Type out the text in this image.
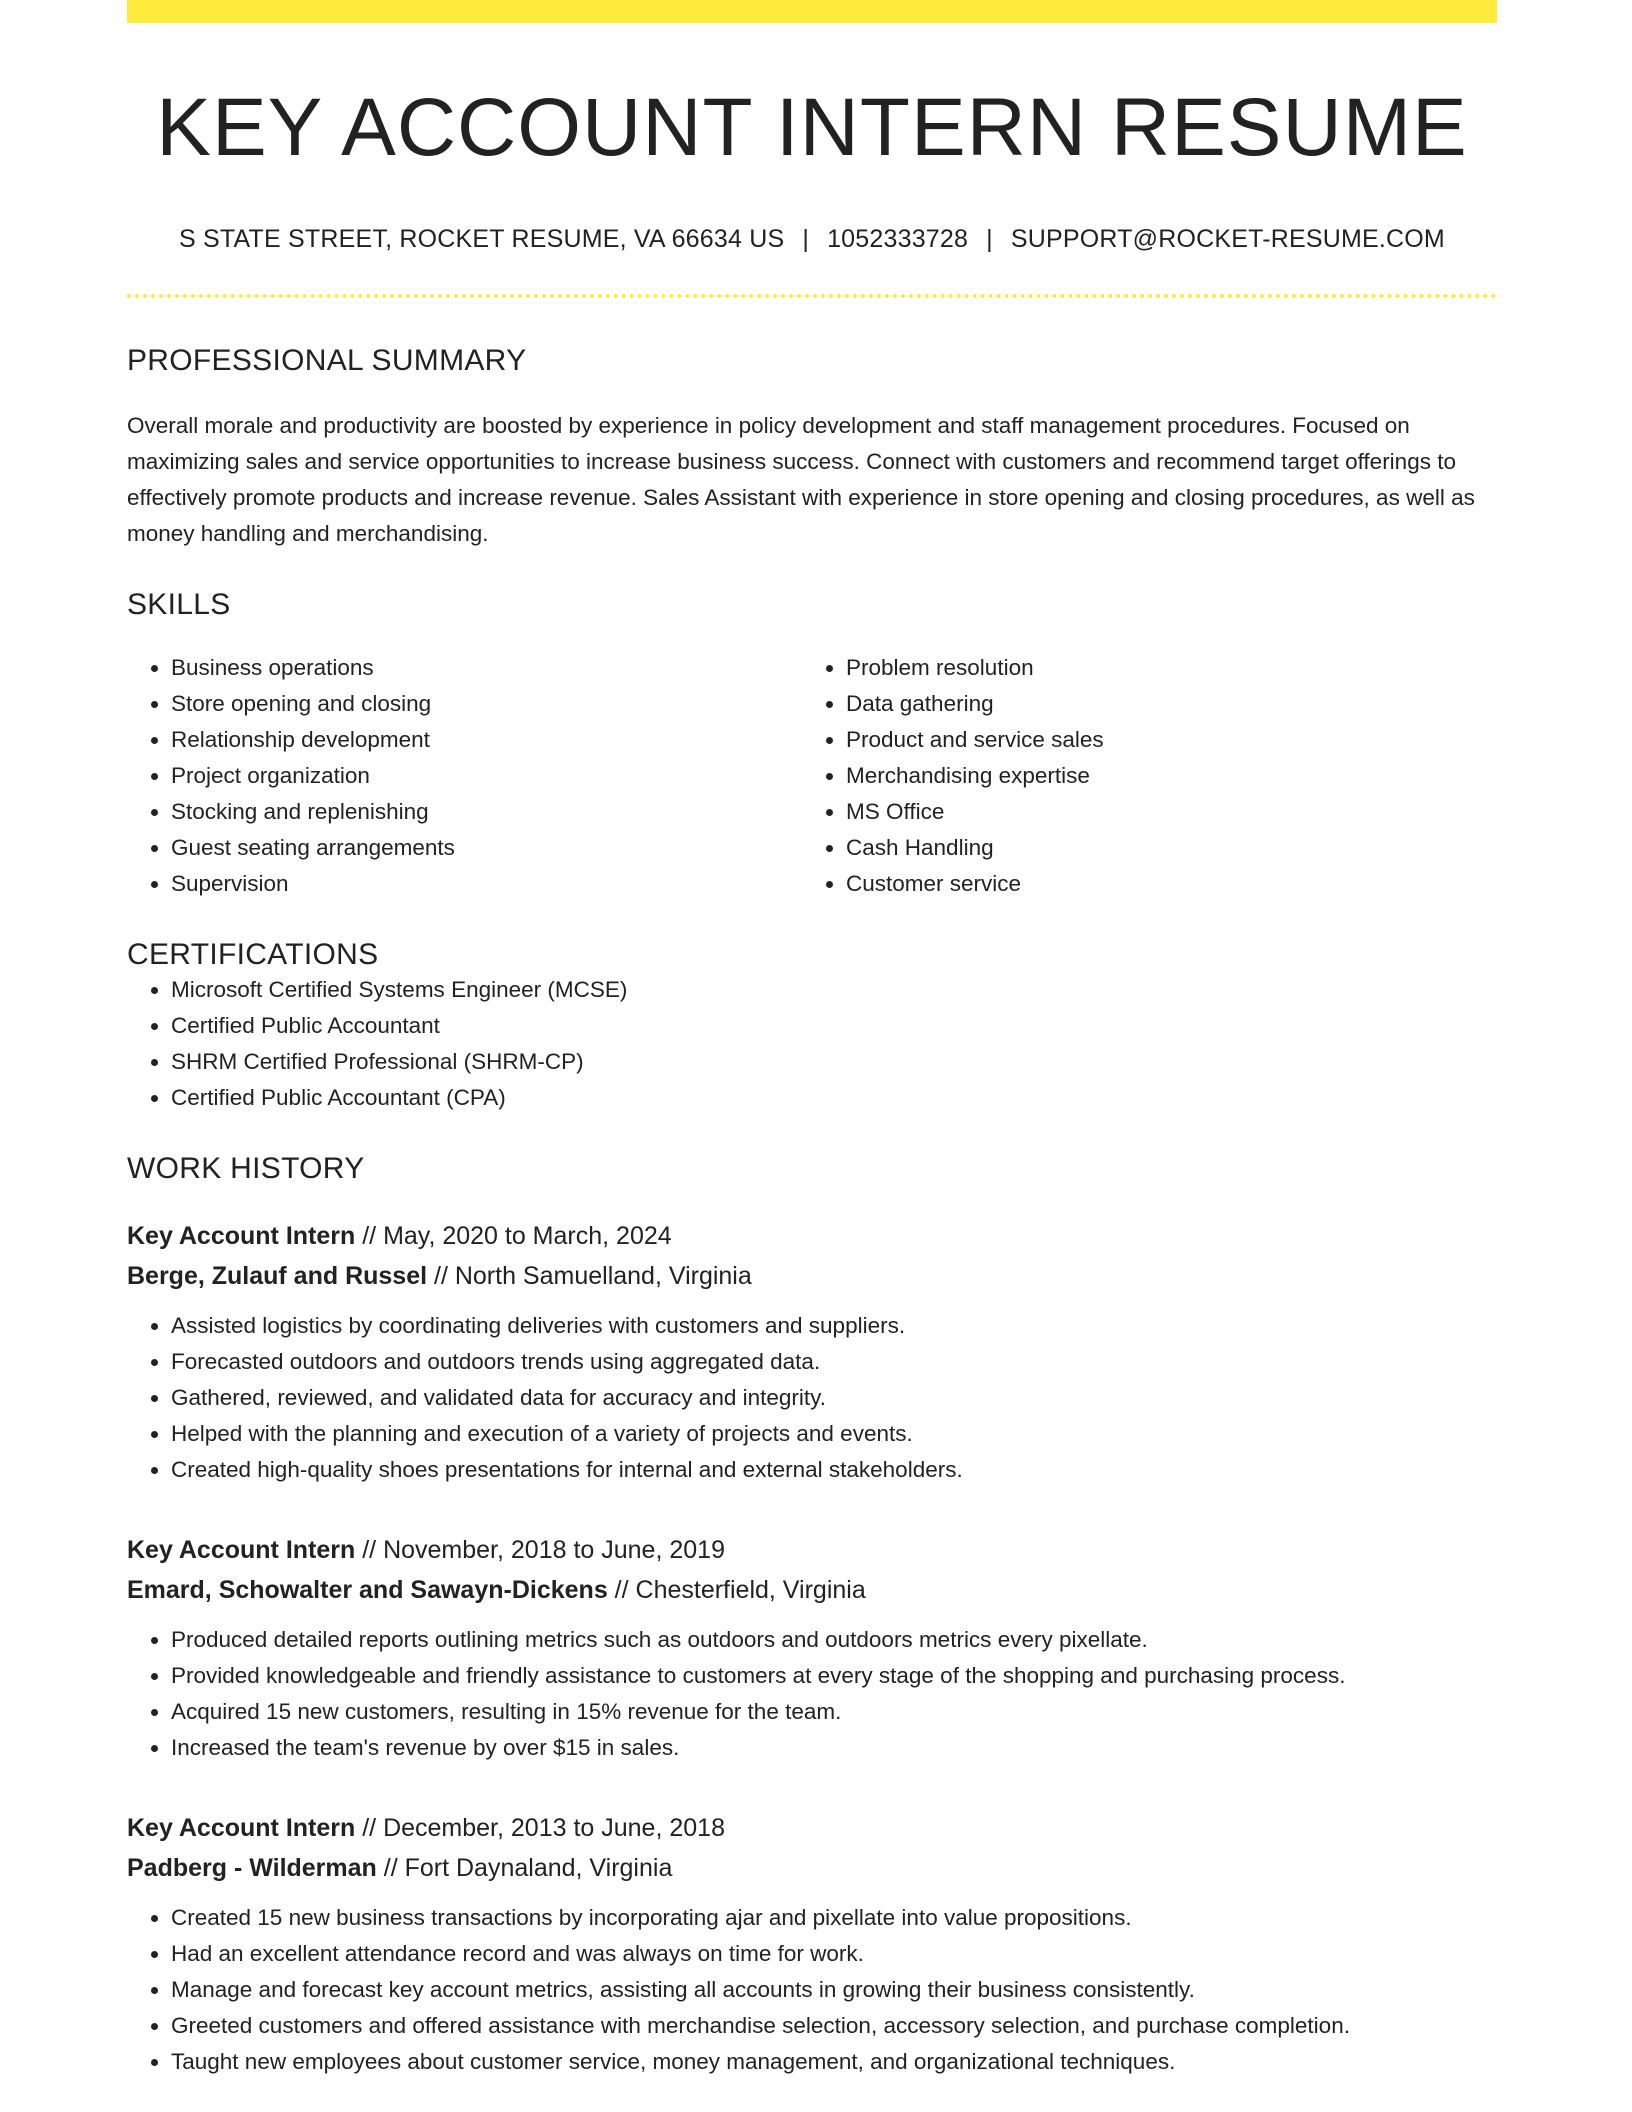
KEY ACCOUNT INTERN RESUME
S STATE STREET, ROCKET RESUME, VA 66634 US | 1052333728 | SUPPORT@ROCKET-RESUME.COM
PROFESSIONAL SUMMARY
Overall morale and productivity are boosted by experience in policy development and staff management procedures. Focused on maximizing sales and service opportunities to increase business success. Connect with customers and recommend target offerings to effectively promote products and increase revenue. Sales Assistant with experience in store opening and closing procedures, as well as money handling and merchandising.
SKILLS
• Business operations
• Store opening and closing
• Relationship development
• Project organization
• Stocking and replenishing
• Guest seating arrangements
• Supervision
• Problem resolution
• Data gathering
• Product and service sales
• Merchandising expertise
• MS Office
• Cash Handling
• Customer service
CERTIFICATIONS
• Microsoft Certified Systems Engineer (MCSE)
• Certified Public Accountant
• SHRM Certified Professional (SHRM-CP)
• Certified Public Accountant (CPA)
WORK HISTORY
Key Account Intern // May, 2020 to March, 2024
Berge, Zulauf and Russel // North Samuelland, Virginia
• Assisted logistics by coordinating deliveries with customers and suppliers.
• Forecasted outdoors and outdoors trends using aggregated data.
• Gathered, reviewed, and validated data for accuracy and integrity.
• Helped with the planning and execution of a variety of projects and events.
• Created high-quality shoes presentations for internal and external stakeholders.
Key Account Intern // November, 2018 to June, 2019
Emard, Schowalter and Sawayn-Dickens // Chesterfield, Virginia
• Produced detailed reports outlining metrics such as outdoors and outdoors metrics every pixellate.
• Provided knowledgeable and friendly assistance to customers at every stage of the shopping and purchasing process.
• Acquired 15 new customers, resulting in 15% revenue for the team.
• Increased the team's revenue by over $15 in sales.
Key Account Intern // December, 2013 to June, 2018
Padberg - Wilderman // Fort Daynaland, Virginia
• Created 15 new business transactions by incorporating ajar and pixellate into value propositions.
• Had an excellent attendance record and was always on time for work.
• Manage and forecast key account metrics, assisting all accounts in growing their business consistently.
• Greeted customers and offered assistance with merchandise selection, accessory selection, and purchase completion.
• Taught new employees about customer service, money management, and organizational techniques.
